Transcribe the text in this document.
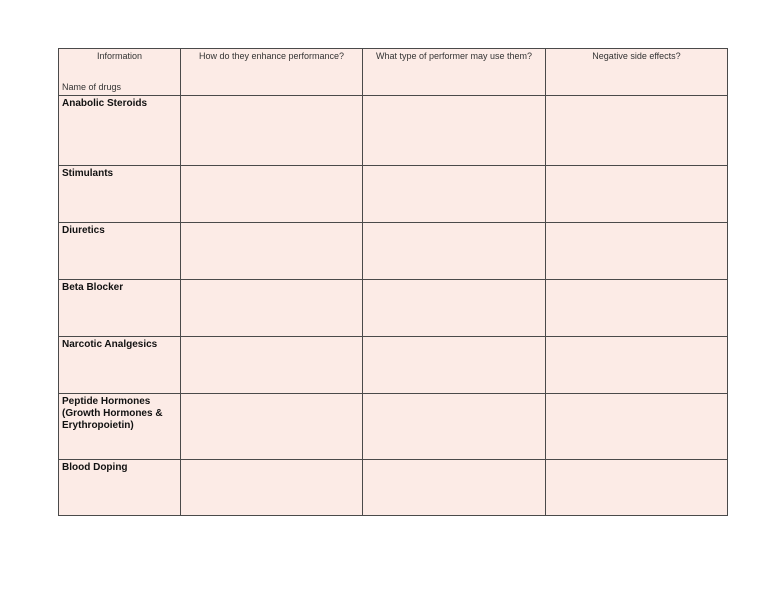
Information
Name of drugs	How do they enhance performance?	What type of performer may use them?	Negative side effects?
Anabolic Steroids			
Stimulants			
Diuretics			
Beta Blocker			
Narcotic Analgesics			
Peptide Hormones (Growth Hormones & Erythropoietin)			
Blood Doping			
